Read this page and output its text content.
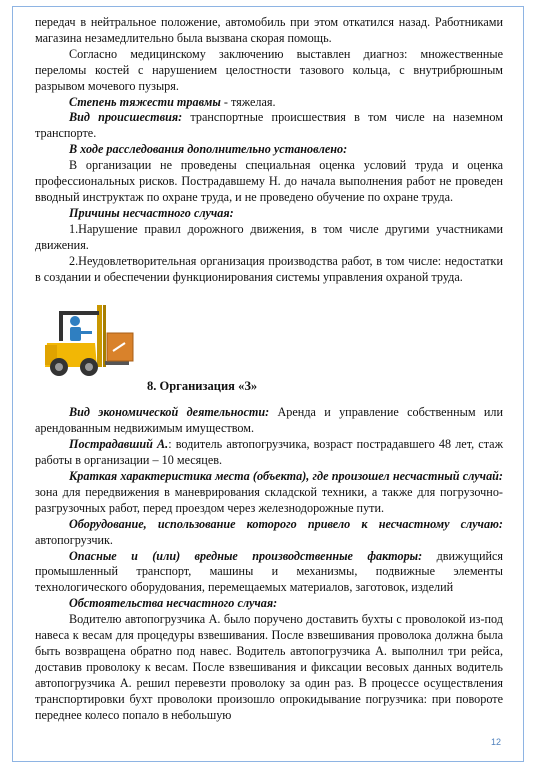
передач в нейтральное положение, автомобиль при этом откатился назад. Работниками магазина незамедлительно была вызвана скорая помощь.

Согласно медицинскому заключению выставлен диагноз: множественные переломы костей с нарушением целостности тазового кольца, с внутрибрюшным разрывом мочевого пузыря.

Степень тяжести травмы - тяжелая.

Вид происшествия: транспортные происшествия в том числе на наземном транспорте.

В ходе расследования дополнительно установлено:

В организации не проведены специальная оценка условий труда и оценка профессиональных рисков. Пострадавшему Н. до начала выполнения работ не проведен вводный инструктаж по охране труда, и не проведено обучение по охране труда.

Причины несчастного случая:

1.Нарушение правил дорожного движения, в том числе другими участниками движения.

2.Неудовлетворительная организация производства работ, в том числе: недостатки в создании и обеспечении функционирования системы управления охраной труда.

8. Организация «З»

Вид экономической деятельности: Аренда и управление собственным или арендованным недвижимым имуществом.

Пострадавший А.: водитель автопогрузчика, возраст пострадавшего 48 лет, стаж работы в организации – 10 месяцев.

Краткая характеристика места (объекта), где произошел несчастный случай: зона для передвижения в маневрирования складской техники, а также для погрузочно-разгрузочных работ, перед проездом через железнодорожные пути.

Оборудование, использование которого привело к несчастному случаю: автопогрузчик.

Опасные и (или) вредные производственные факторы: движущийся промышленный транспорт, машины и механизмы, подвижные элементы технологического оборудования, перемещаемых материалов, заготовок, изделий

Обстоятельства несчастного случая:

Водителю автопогрузчика А. было поручено доставить бухты с проволокой из-под навеса к весам для процедуры взвешивания. После взвешивания проволока должна была быть возвращена обратно под навес. Водитель автопогрузчика А. выполнил три рейса, доставив проволоку к весам. После взвешивания и фиксации весовых данных водитель автопогрузчика А. решил перевезти проволоку за один раз. В процессе осуществления транспортировки бухт проволоки произошло опрокидывание погрузчика: при повороте переднее колесо попало в небольшую

12
